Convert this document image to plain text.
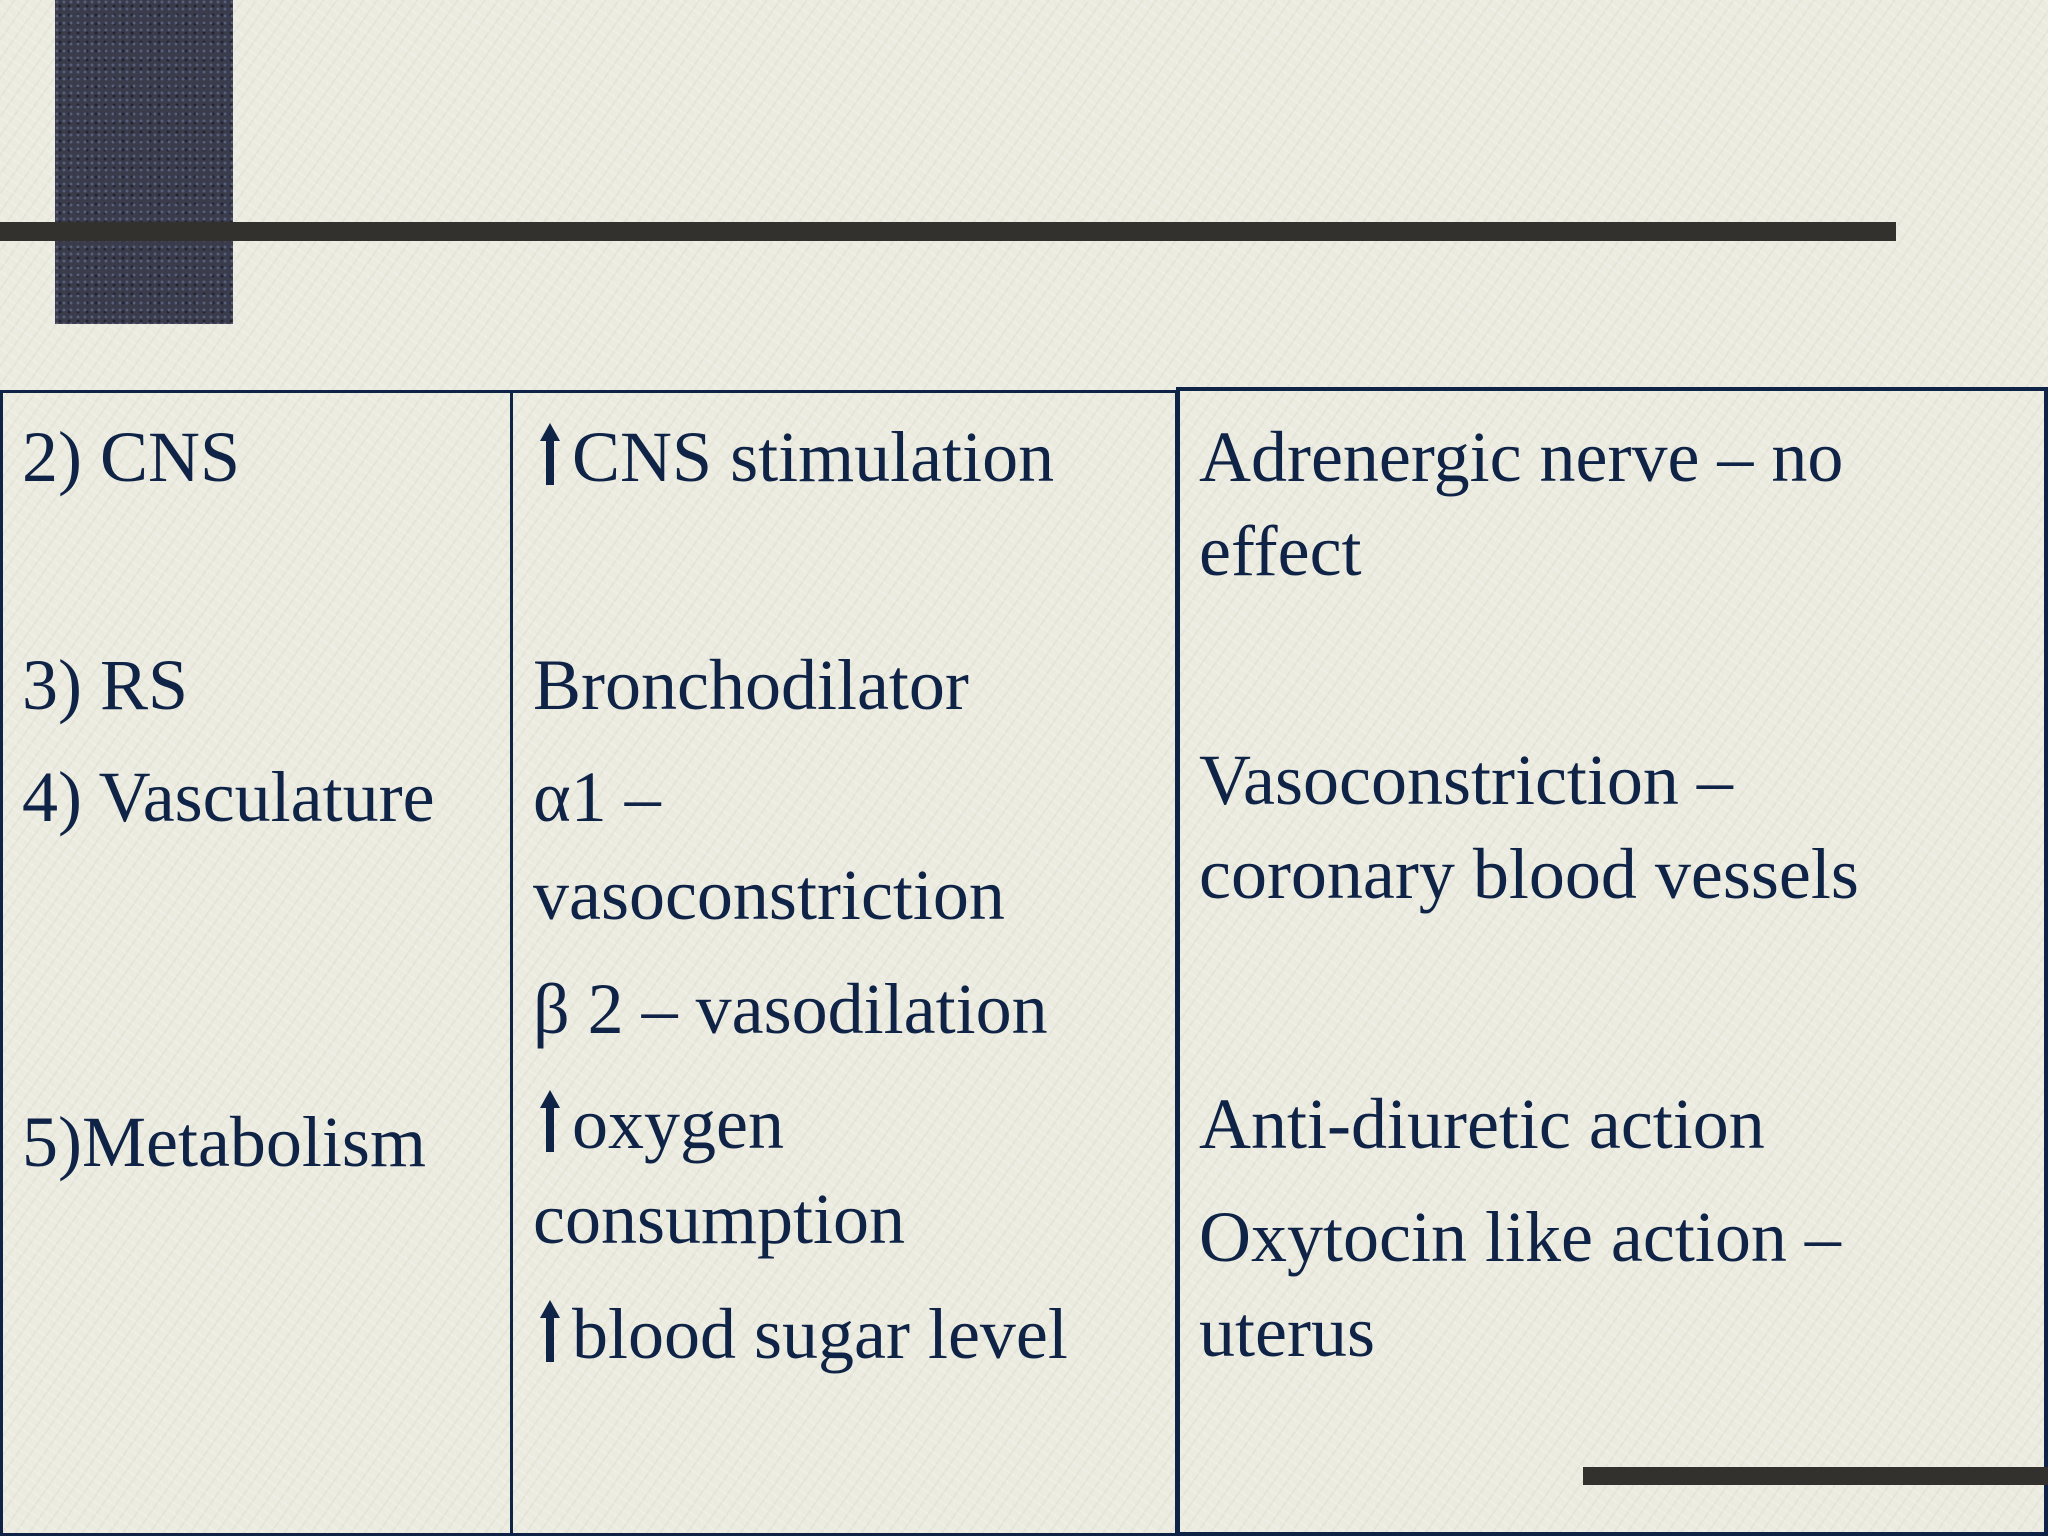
2) CNS
3) RS
4) Vasculature
5)Metabolism
CNS stimulation
Bronchodilator
α1 –
vasoconstriction
β 2 – vasodilation
oxygen
consumption
blood sugar level
Adrenergic nerve – no
effect
Vasoconstriction –
coronary blood vessels
Anti-diuretic action
Oxytocin like action –
uterus
